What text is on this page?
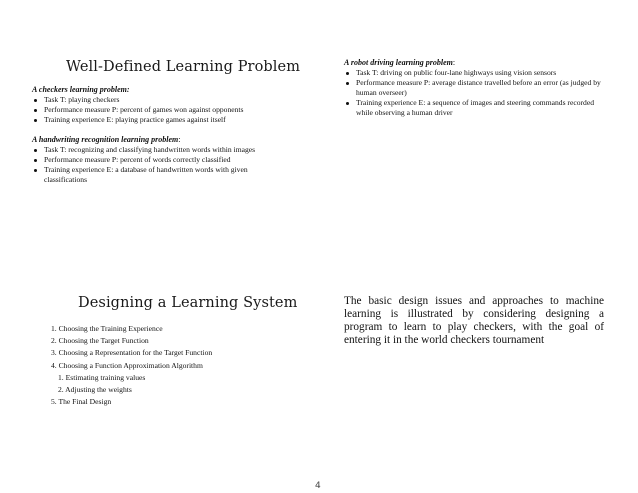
Well-Defined Learning Problem
A checkers learning problem:
Task T: playing checkers
Performance measure P: percent of games won against opponents
Training experience E: playing practice games against itself
A handwriting recognition learning problem:
Task T: recognizing and classifying handwritten words within images
Performance measure P: percent of words correctly classified
Training experience E: a database of handwritten words with given classifications
A robot driving learning problem:
Task T: driving on public four-lane highways using vision sensors
Performance measure P: average distance travelled before an error (as judged by human overseer)
Training experience E: a sequence of images and steering commands recorded while observing a human driver
Designing a Learning System
1. Choosing the Training Experience
2. Choosing the Target Function
3. Choosing a Representation for the Target Function
4. Choosing a Function Approximation Algorithm
1. Estimating training values
2. Adjusting the weights
5. The Final Design
The basic design issues and approaches to machine learning is illustrated by considering designing a program to learn to play checkers, with the goal of entering it in the world checkers tournament
4
